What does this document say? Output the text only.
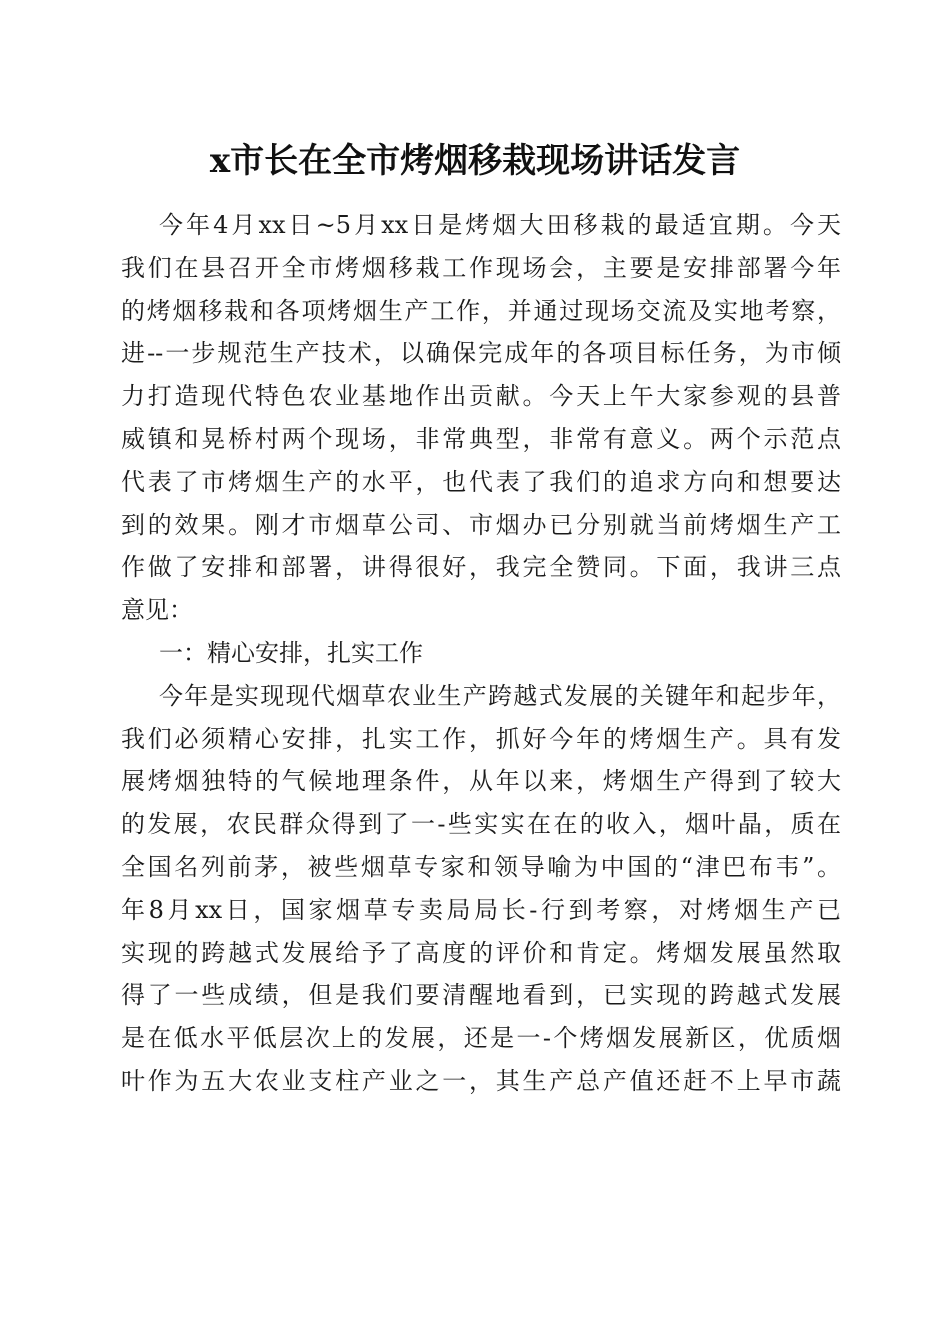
x市长在全市烤烟移栽现场讲话发言
今年4月xx日~5月xx日是烤烟大田移栽的最适宜期。今天
我们在县召开全市烤烟移栽工作现场会，主要是安排部署今年
的烤烟移栽和各项烤烟生产工作，并通过现场交流及实地考察，
进--一步规范生产技术，以确保完成年的各项目标任务，为市倾
力打造现代特色农业基地作出贡献。今天上午大家参观的县普
威镇和晃桥村两个现场，非常典型，非常有意义。两个示范点
代表了市烤烟生产的水平，也代表了我们的追求方向和想要达
到的效果。刚才市烟草公司、市烟办已分别就当前烤烟生产工
作做了安排和部署，讲得很好，我完全赞同。下面，我讲三点
意见：
一：精心安排，扎实工作
今年是实现现代烟草农业生产跨越式发展的关键年和起步年，
我们必须精心安排，扎实工作，抓好今年的烤烟生产。具有发
展烤烟独特的气候地理条件，从年以来，烤烟生产得到了较大
的发展，农民群众得到了一-些实实在在的收入，烟叶晶，质在
全国名列前茅，被些烟草专家和领导喻为中国的“津巴布韦”。
年8月xx日，国家烟草专卖局局长-行到考察，对烤烟生产已
实现的跨越式发展给予了高度的评价和肯定。烤烟发展虽然取
得了一些成绩，但是我们要清醒地看到，已实现的跨越式发展
是在低水平低层次上的发展，还是一-个烤烟发展新区，优质烟
叶作为五大农业支柱产业之一，其生产总产值还赶不上早市蔬
